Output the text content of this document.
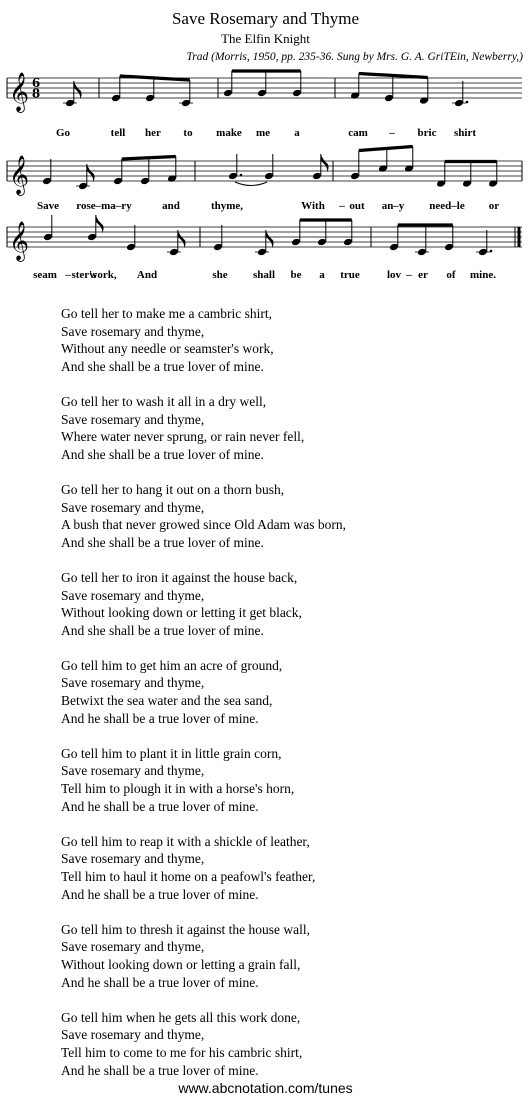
Save Rosemary and Thyme
The Elfin Knight
Trad (Morris, 1950, pp. 235-36. Sung by Mrs. G. A. GriTEin, Newberry,)
𝄞 6
8
Go	tell her to make me a	cam – bric shirt
𝄞
Save rose–ma–ry	and	thyme,	With – out an–y need–le or
𝄞
seam – ster's
work, And	she shall be a true lov – er of mine.
Go tell her to make me a cambric shirt,
Save rosemary and thyme,
Without any needle or seamster's work,
And she shall be a true lover of mine.
Go tell her to wash it all in a dry well,
Save rosemary and thyme,
Where water never sprung, or rain never fell,
And she shall be a true lover of mine.
Go tell her to hang it out on a thorn bush,
Save rosemary and thyme,
A bush that never growed since Old Adam was born,
And she shall be a true lover of mine.
Go tell her to iron it against the house back,
Save rosemary and thyme,
Without looking down or letting it get black,
And she shall be a true lover of mine.
Go tell him to get him an acre of ground,
Save rosemary and thyme,
Betwixt the sea water and the sea sand,
And he shall be a true lover of mine.
Go tell him to plant it in little grain corn,
Save rosemary and thyme,
Tell him to plough it in with a horse's horn,
And he shall be a true lover of mine.
Go tell him to reap it with a shickle of leather,
Save rosemary and thyme,
Tell him to haul it home on a peafowl's feather,
And he shall be a true lover of mine.
Go tell him to thresh it against the house wall,
Save rosemary and thyme,
Without looking down or letting a grain fall,
And he shall be a true lover of mine.
Go tell him when he gets all this work done,
Save rosemary and thyme,
Tell him to come to me for his cambric shirt,
And he shall be a true lover of mine.
www.abcnotation.com/tunes
